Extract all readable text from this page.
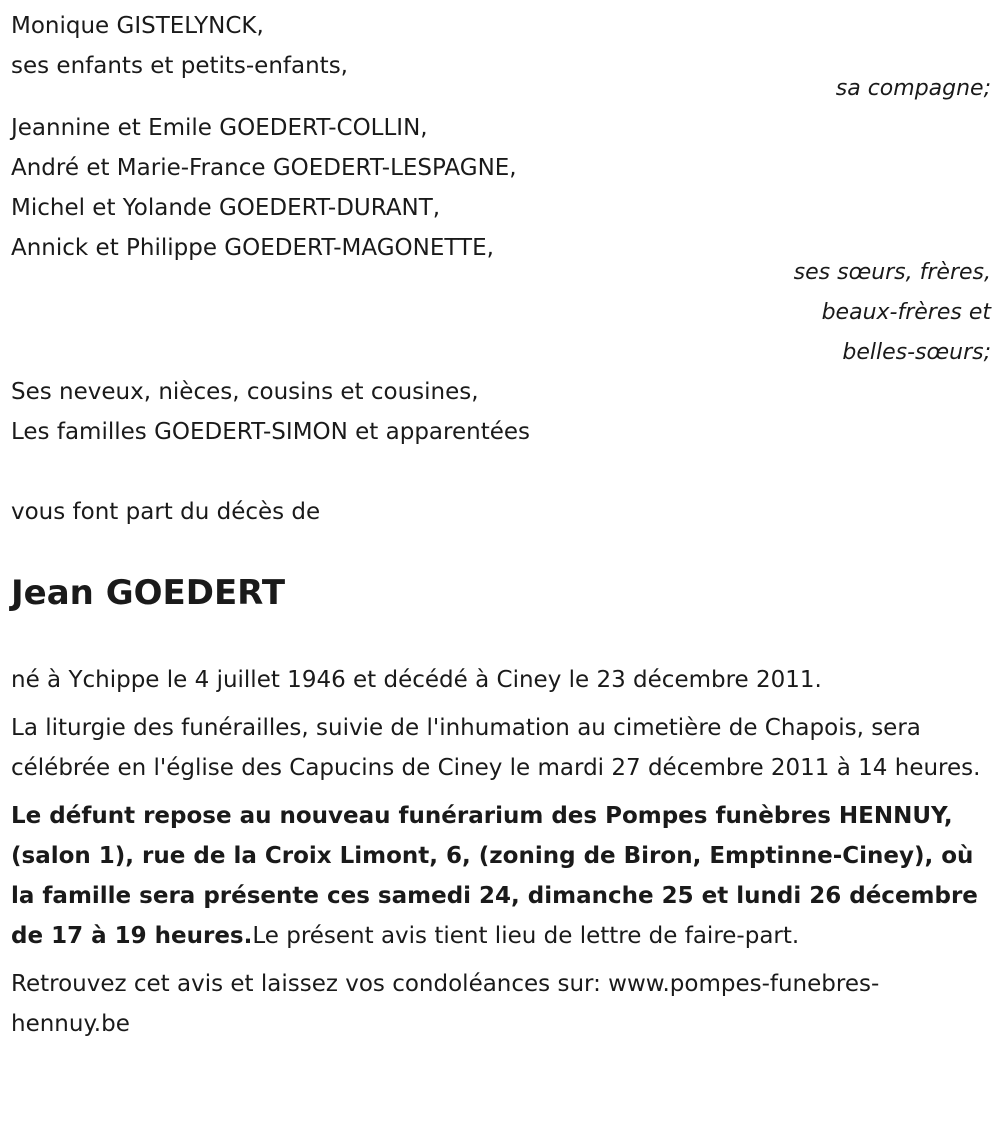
Monique GISTELYNCK,

ses enfants et petits-enfants,

sa compagne;

Jeannine et Emile GOEDERT-COLLIN,

André et Marie-France GOEDERT-LESPAGNE,

Michel et Yolande GOEDERT-DURANT,

Annick et Philippe GOEDERT-MAGONETTE,

ses sœurs, frères,

beaux-frères et

belles-sœurs;

Ses neveux, nièces, cousins et cousines,

Les familles GOEDERT-SIMON et apparentées

vous font part du décès de

Jean GOEDERT

né à Ychippe le 4 juillet 1946 et décédé à Ciney le 23 décembre 2011.

La liturgie des funérailles, suivie de l'inhumation au cimetière de Chapois, sera célébrée en l'église des Capucins de Ciney le mardi 27 décembre 2011 à 14 heures.

Le défunt repose au nouveau funérarium des Pompes funèbres HENNUY, (salon 1), rue de la Croix Limont, 6, (zoning de Biron, Emptinne-Ciney), où la famille sera présente ces samedi 24, dimanche 25 et lundi 26 décembre de 17 à 19 heures.Le présent avis tient lieu de lettre de faire-part.

Retrouvez cet avis et laissez vos condoléances sur: www.pompes-funebres-hennuy.be
